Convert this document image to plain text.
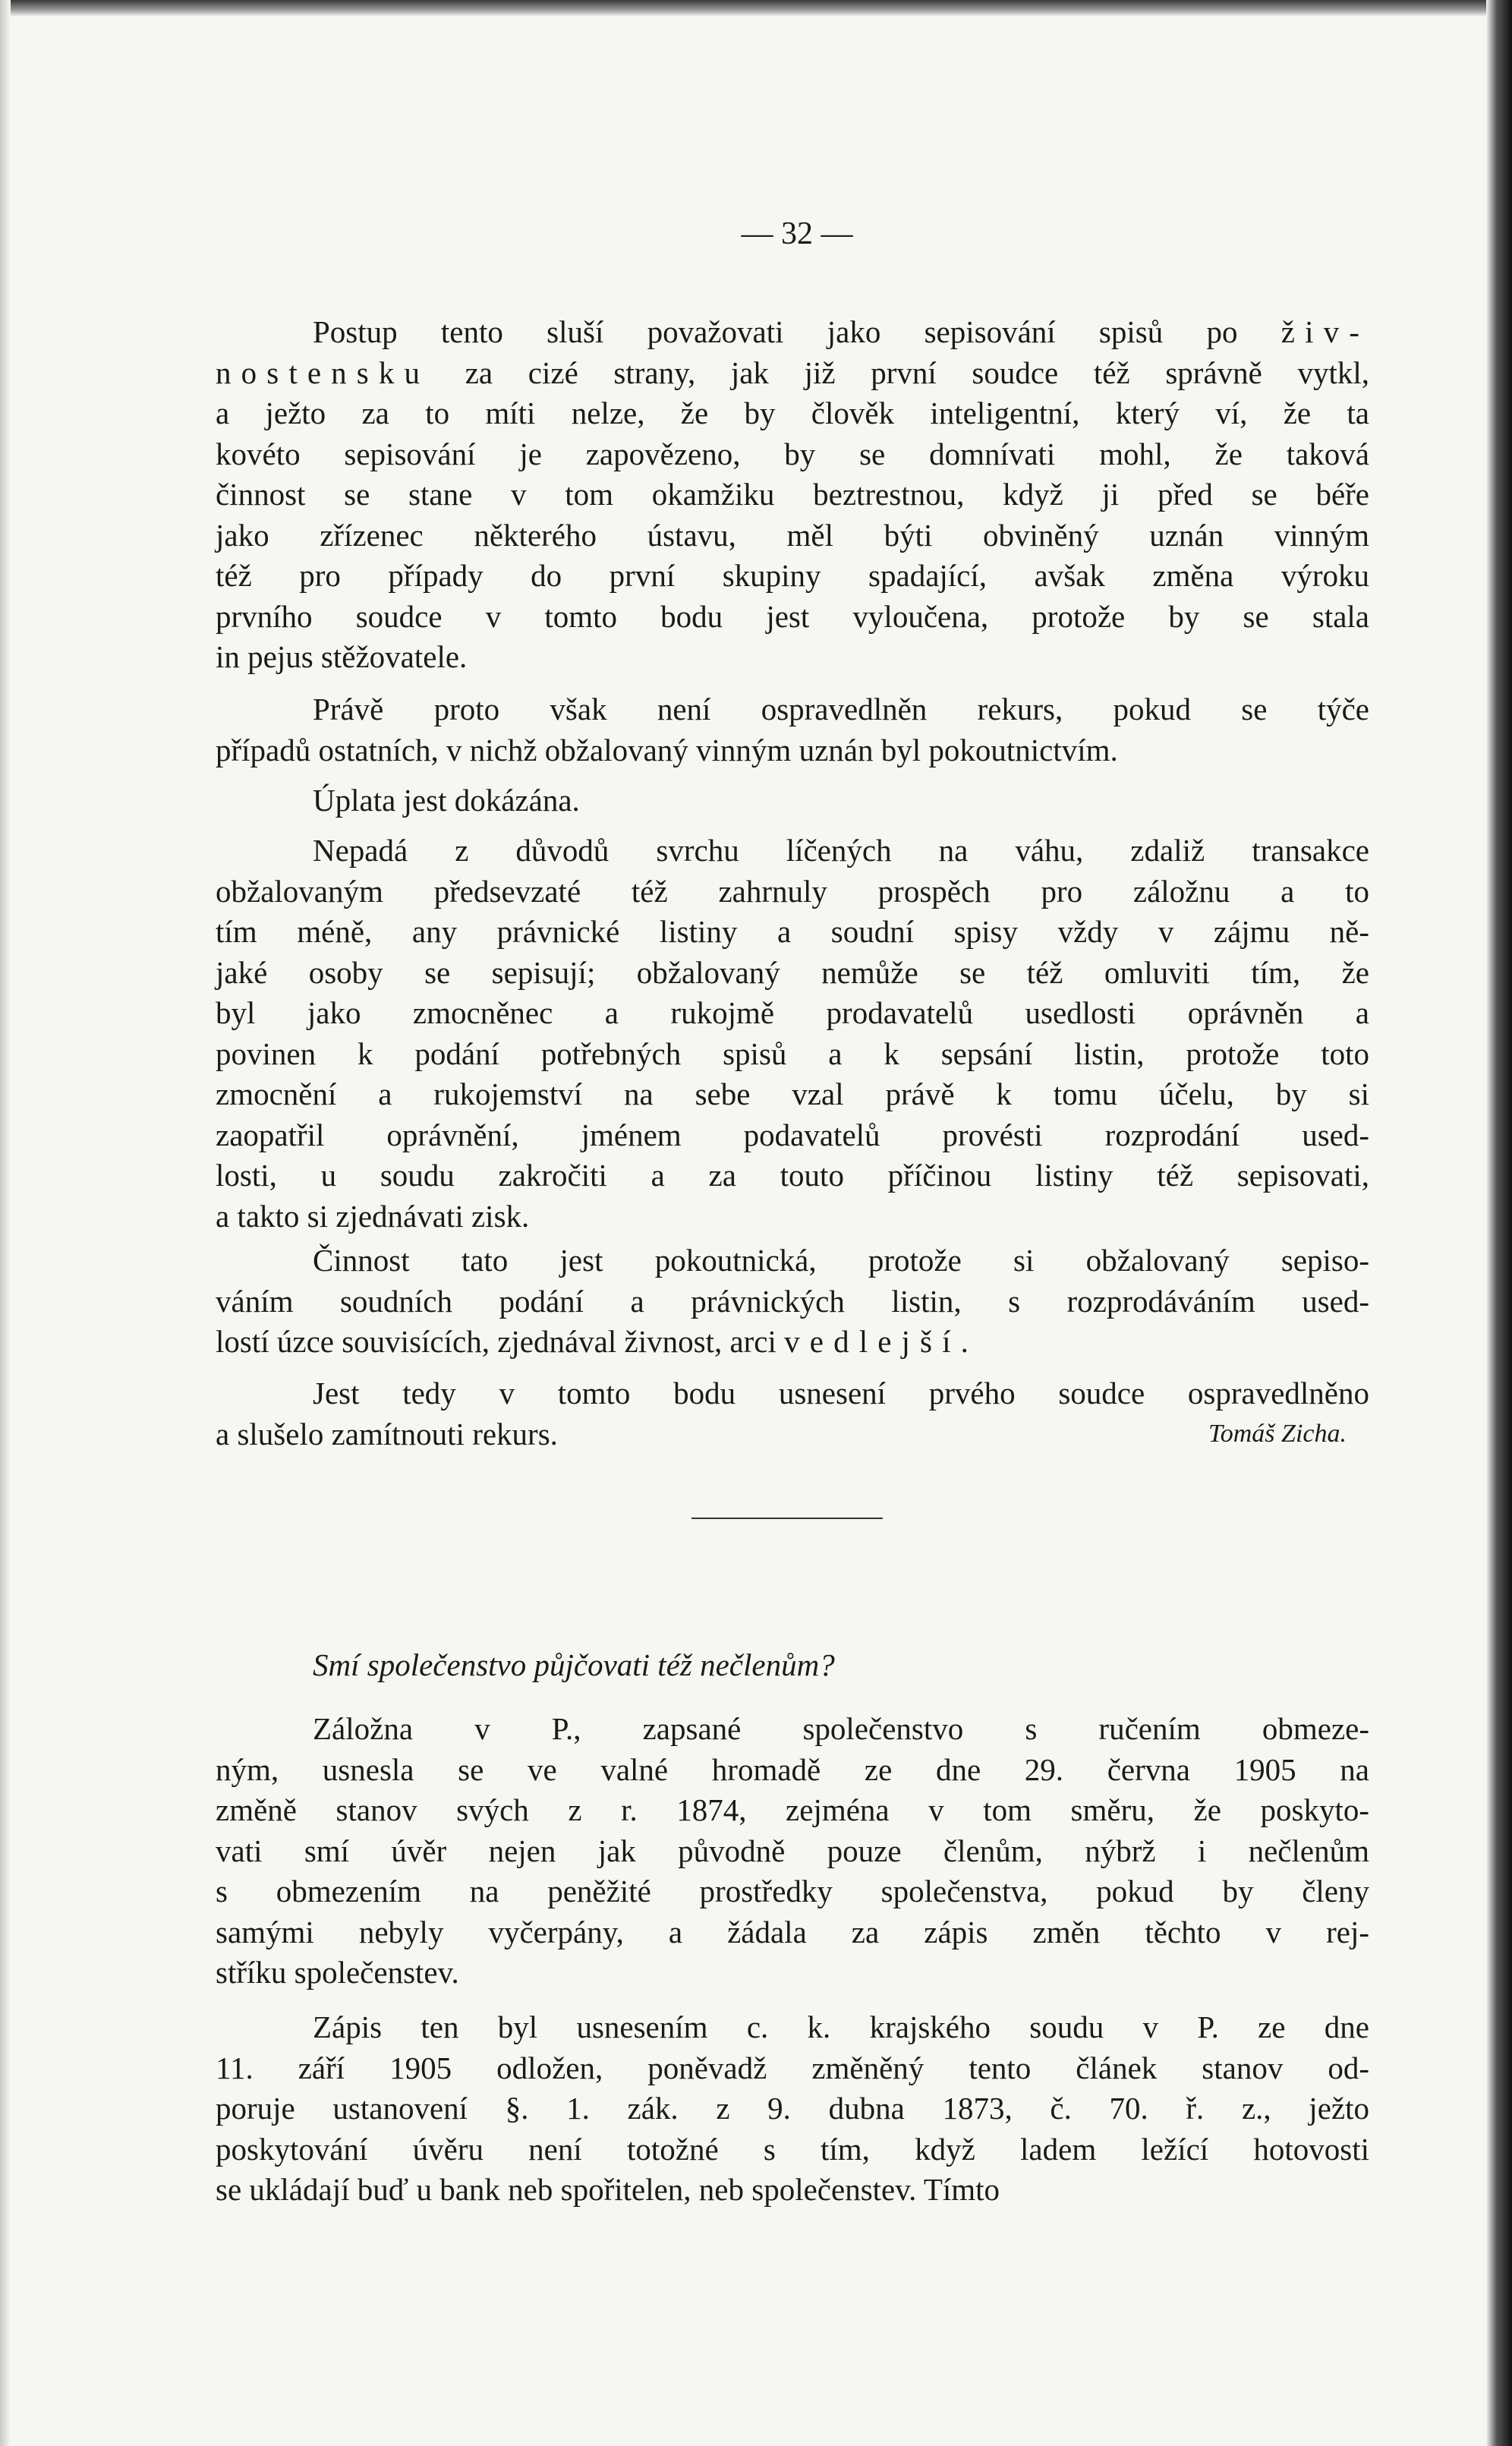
— 32 —
Postup tento sluší považovati jako sepisování spisů po živ-
nostensku za cizé strany, jak již první soudce též správně vytkl,
a ježto za to míti nelze, že by člověk inteligentní, který ví, že ta
kovéto sepisování je zapovězeno, by se domnívati mohl, že taková
činnost se stane v tom okamžiku beztrestnou, když ji před se béře
jako zřízenec některého ústavu, měl býti obviněný uznán vinným
též pro případy do první skupiny spadající, avšak změna výroku
prvního soudce v tomto bodu jest vyloučena, protože by se stala
in pejus stěžovatele.
Právě proto však není ospravedlněn rekurs, pokud se týče
případů ostatních, v nichž obžalovaný vinným uznán byl pokoutnictvím.
Úplata jest dokázána.
Nepadá z důvodů svrchu líčených na váhu, zdaliž transakce
obžalovaným předsevzaté též zahrnuly prospěch pro záložnu a to
tím méně, any právnické listiny a soudní spisy vždy v zájmu ně-
jaké osoby se sepisují; obžalovaný nemůže se též omluviti tím, že
byl jako zmocněnec a rukojmě prodavatelů usedlosti oprávněn a
povinen k podání potřebných spisů a k sepsání listin, protože toto
zmocnění a rukojemství na sebe vzal právě k tomu účelu, by si
zaopatřil oprávnění, jménem podavatelů provésti rozprodání used-
losti, u soudu zakročiti a za touto příčinou listiny též sepisovati,
a takto si zjednávati zisk.
Činnost tato jest pokoutnická, protože si obžalovaný sepiso-
váním soudních podání a právnických listin, s rozprodáváním used-
lostí úzce souvisících, zjednával živnost, arci vedlejší.
Jest tedy v tomto bodu usnesení prvého soudce ospravedlněno
a slušelo zamítnouti rekurs.	Tomáš Zicha.
Smí společenstvo půjčovati též nečlenům?
Záložna v P., zapsané společenstvo s ručením obmeze-
ným, usnesla se ve valné hromadě ze dne 29. června 1905 na
změně stanov svých z r. 1874, zejména v tom směru, že poskyto-
vati smí úvěr nejen jak původně pouze členům, nýbrž i nečlenům
s obmezením na peněžité prostředky společenstva, pokud by členy
samými nebyly vyčerpány, a žádala za zápis změn těchto v rej-
stříku společenstev.
Zápis ten byl usnesením c. k. krajského soudu v P. ze dne
11. září 1905 odložen, poněvadž změněný tento článek stanov od-
poruje ustanovení §. 1. zák. z 9. dubna 1873, č. 70. ř. z., ježto
poskytování úvěru není totožné s tím, když ladem ležící hotovosti
se ukládají buď u bank neb spořitelen, neb společenstev. Tímto
